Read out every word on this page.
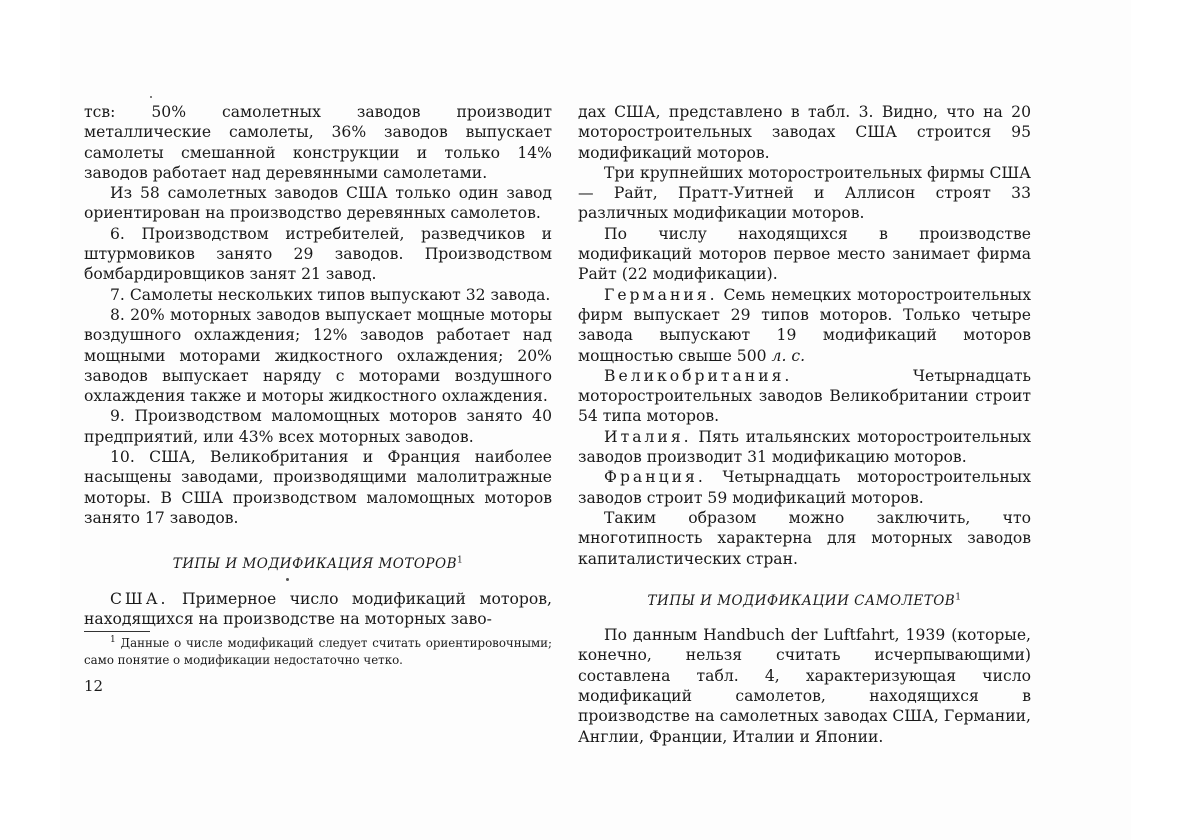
тсв: 50% самолетных заводов производит металлические самолеты, 36% заводов выпускает самолеты смешанной конструкции и только 14% заводов работает над деревянными самолетами.

Из 58 самолетных заводов США только один завод ориентирован на производство деревянных самолетов.

6. Производством истребителей, разведчиков и штурмовиков занято 29 заводов. Производством бомбардировщиков занят 21 завод.

7. Самолеты нескольких типов выпускают 32 завода.

8. 20% моторных заводов выпускает мощные моторы воздушного охлаждения; 12% заводов работает над мощными моторами жидкостного охлаждения; 20% заводов выпускает наряду с моторами воздушного охлаждения также и моторы жидкостного охлаждения.

9. Производством маломощных моторов занято 40 предприятий, или 43% всех моторных заводов.

10. США, Великобритания и Франция наиболее насыщены заводами, производящими малолитражные моторы. В США производством маломощных моторов занято 17 заводов.

ТИПЫ И МОДИФИКАЦИЯ МОТОРОВ$^1$

США. Примерное число модификаций моторов, находящихся на производстве на моторных заво-

$^1$ Данные о числе модификаций следует считать ориентировочными; само понятие о модификации недостаточно четко.

12

дах США, представлено в табл. 3. Видно, что на 20 моторостроительных заводах США строится 95 модификаций моторов.

Три крупнейших моторостроительных фирмы США — Райт, Пратт-Уитней и Аллисон строят 33 различных модификации моторов.

По числу находящихся в производстве модификаций моторов первое место занимает фирма Райт (22 модификации).

Германия. Семь немецких моторостроительных фирм выпускает 29 типов моторов. Только четыре завода выпускают 19 модификаций моторов мощностью свыше 500 л. с.

Великобритания.	Четырнадцать моторостроительных заводов Великобритании строит 54 типа моторов.

Италия. Пять итальянских моторостроительных заводов производит 31 модификацию моторов.

Франция. Четырнадцать моторостроительных заводов строит 59 модификаций моторов.

Таким образом можно заключить, что многотипность характерна для моторных заводов капиталистических стран.

ТИПЫ И МОДИФИКАЦИИ САМОЛЕТОВ$^1$

По данным Handbuch der Luftfahrt, 1939 (которые, конечно, нельзя считать исчерпывающими) составлена табл. 4, характеризующая число модификаций самолетов, находящихся в производстве на самолетных заводах США, Германии, Англии, Франции, Италии и Японии.
